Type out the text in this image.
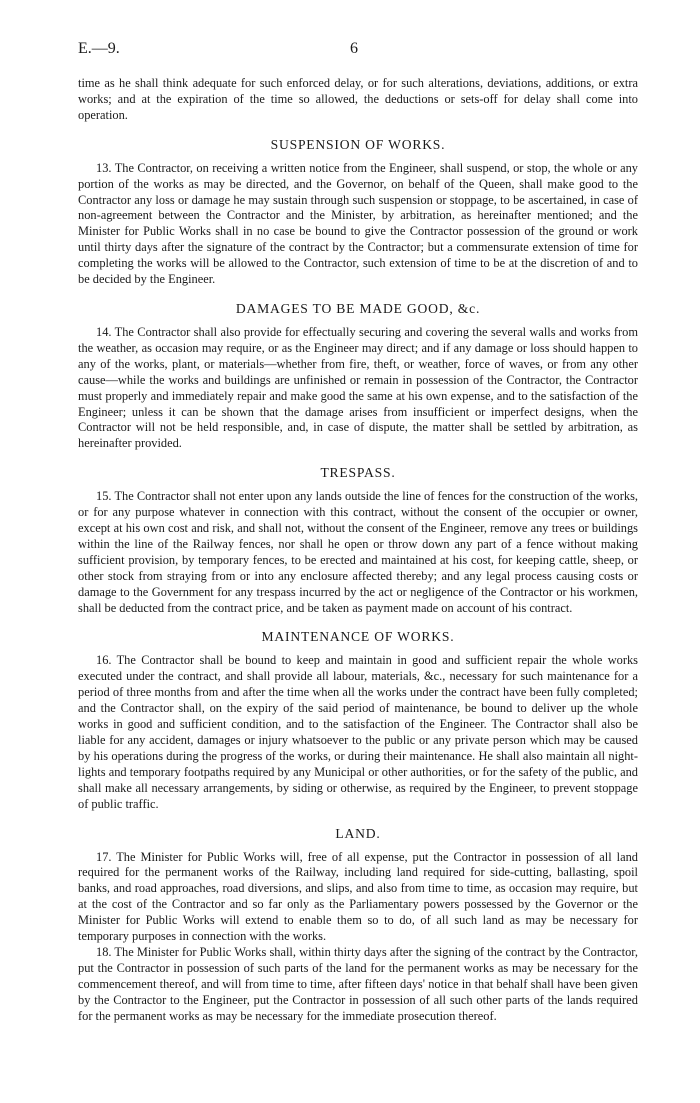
E.—9.	6

time as he shall think adequate for such enforced delay, or for such alterations, deviations, additions, or extra works; and at the expiration of the time so allowed, the deductions or sets-off for delay shall come into operation.

SUSPENSION OF WORKS.

13. The Contractor, on receiving a written notice from the Engineer, shall suspend, or stop, the whole or any portion of the works as may be directed, and the Governor, on behalf of the Queen, shall make good to the Contractor any loss or damage he may sustain through such suspension or stoppage, to be ascertained, in case of non-agreement between the Contractor and the Minister, by arbitration, as hereinafter mentioned; and the Minister for Public Works shall in no case be bound to give the Contractor possession of the ground or work until thirty days after the signature of the contract by the Contractor; but a commensurate extension of time for completing the works will be allowed to the Contractor, such extension of time to be at the discretion of and to be decided by the Engineer.

DAMAGES TO BE MADE GOOD, &c.

14. The Contractor shall also provide for effectually securing and covering the several walls and works from the weather, as occasion may require, or as the Engineer may direct; and if any damage or loss should happen to any of the works, plant, or materials—whether from fire, theft, or weather, force of waves, or from any other cause—while the works and buildings are unfinished or remain in possession of the Contractor, the Contractor must properly and immediately repair and make good the same at his own expense, and to the satisfaction of the Engineer; unless it can be shown that the damage arises from insufficient or imperfect designs, when the Contractor will not be held responsible, and, in case of dispute, the matter shall be settled by arbitration, as hereinafter provided.

TRESPASS.

15. The Contractor shall not enter upon any lands outside the line of fences for the construction of the works, or for any purpose whatever in connection with this contract, without the consent of the occupier or owner, except at his own cost and risk, and shall not, without the consent of the Engineer, remove any trees or buildings within the line of the Railway fences, nor shall he open or throw down any part of a fence without making sufficient provision, by temporary fences, to be erected and maintained at his cost, for keeping cattle, sheep, or other stock from straying from or into any enclosure affected thereby; and any legal process causing costs or damage to the Government for any trespass incurred by the act or negligence of the Contractor or his workmen, shall be deducted from the contract price, and be taken as payment made on account of his contract.

MAINTENANCE OF WORKS.

16. The Contractor shall be bound to keep and maintain in good and sufficient repair the whole works executed under the contract, and shall provide all labour, materials, &c., necessary for such maintenance for a period of three months from and after the time when all the works under the contract have been fully completed; and the Contractor shall, on the expiry of the said period of maintenance, be bound to deliver up the whole works in good and sufficient condition, and to the satisfaction of the Engineer. The Contractor shall also be liable for any accident, damages or injury whatsoever to the public or any private person which may be caused by his operations during the progress of the works, or during their maintenance. He shall also maintain all night-lights and temporary footpaths required by any Municipal or other authorities, or for the safety of the public, and shall make all necessary arrangements, by siding or otherwise, as required by the Engineer, to prevent stoppage of public traffic.

LAND.

17. The Minister for Public Works will, free of all expense, put the Contractor in possession of all land required for the permanent works of the Railway, including land required for side-cutting, ballasting, spoil banks, and road approaches, road diversions, and slips, and also from time to time, as occasion may require, but at the cost of the Contractor and so far only as the Parliamentary powers possessed by the Governor or the Minister for Public Works will extend to enable them so to do, of all such land as may be necessary for temporary purposes in connection with the works.

18. The Minister for Public Works shall, within thirty days after the signing of the contract by the Contractor, put the Contractor in possession of such parts of the land for the permanent works as may be necessary for the commencement thereof, and will from time to time, after fifteen days' notice in that behalf shall have been given by the Contractor to the Engineer, put the Contractor in possession of all such other parts of the lands required for the permanent works as may be necessary for the immediate prosecution thereof.
